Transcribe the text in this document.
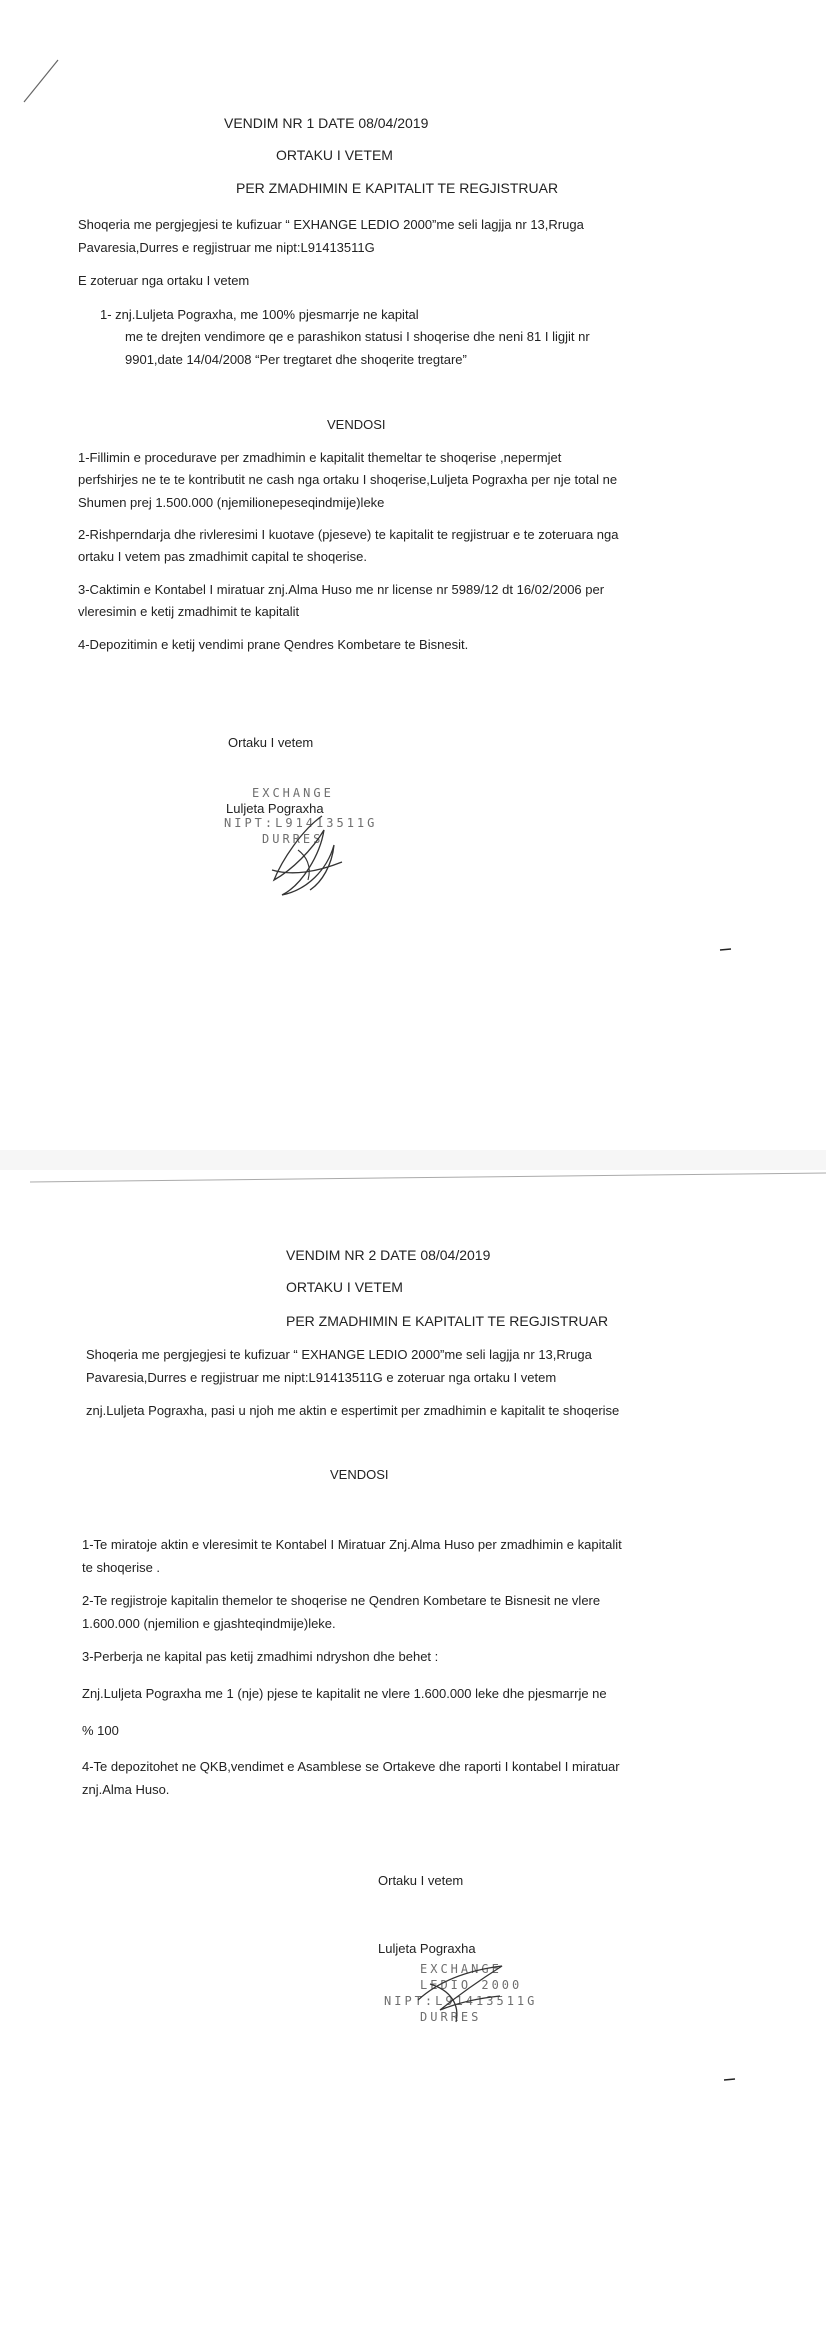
VENDIM NR 1 DATE 08/04/2019
ORTAKU I VETEM
PER ZMADHIMIN E KAPITALIT TE REGJISTRUAR
Shoqeria me pergjegjesi te kufizuar “ EXHANGE LEDIO 2000”me seli lagjja nr 13,Rruga
Pavaresia,Durres e regjistruar me nipt:L91413511G
E zoteruar nga ortaku I vetem
1- znj.Luljeta Pograxha, me 100% pjesmarrje ne kapital
me te drejten vendimore qe e parashikon statusi I shoqerise dhe neni 81 I ligjit nr
9901,date 14/04/2008 “Per tregtaret dhe shoqerite tregtare”
VENDOSI
1-Fillimin e procedurave per zmadhimin e kapitalit themeltar te shoqerise ,nepermjet
perfshirjes ne te te kontributit ne cash nga ortaku I shoqerise,Luljeta Pograxha per nje total ne
Shumen prej 1.500.000 (njemilionepeseqindmije)leke
2-Rishperndarja dhe rivleresimi I kuotave (pjeseve) te kapitalit te regjistruar e te zoteruara nga
ortaku I vetem pas zmadhimit capital te shoqerise.
3-Caktimin e Kontabel I miratuar znj.Alma Huso me nr license nr 5989/12 dt 16/02/2006 per
vleresimin e ketij zmadhimit te kapitalit
4-Depozitimin e ketij vendimi prane Qendres Kombetare te Bisnesit.
Ortaku I vetem
EXCHANGE
Luljeta Pograxha
NIPT:L91413511G
DURRES
VENDIM NR 2 DATE 08/04/2019
ORTAKU I VETEM
PER ZMADHIMIN E KAPITALIT TE REGJISTRUAR
Shoqeria me pergjegjesi te kufizuar “ EXHANGE LEDIO 2000”me seli lagjja nr 13,Rruga
Pavaresia,Durres e regjistruar me nipt:L91413511G e zoteruar nga ortaku I vetem
znj.Luljeta Pograxha, pasi u njoh me aktin e espertimit per zmadhimin e kapitalit te shoqerise
VENDOSI
1-Te miratoje aktin e vleresimit te Kontabel I Miratuar Znj.Alma Huso per zmadhimin e kapitalit
te shoqerise .
2-Te regjistroje kapitalin themelor te shoqerise ne Qendren Kombetare te Bisnesit ne vlere
1.600.000 (njemilion e gjashteqindmije)leke.
3-Perberja ne kapital pas ketij zmadhimi ndryshon dhe behet :
Znj.Luljeta Pograxha me 1 (nje) pjese te kapitalit ne vlere 1.600.000 leke dhe pjesmarrje ne
% 100
4-Te depozitohet ne QKB,vendimet e Asamblese se Ortakeve dhe raporti I kontabel I miratuar
znj.Alma Huso.
Ortaku I vetem
Luljeta Pograxha
EXCHANGE
LEDIO 2000
NIPT:L91413511G
DURRES
